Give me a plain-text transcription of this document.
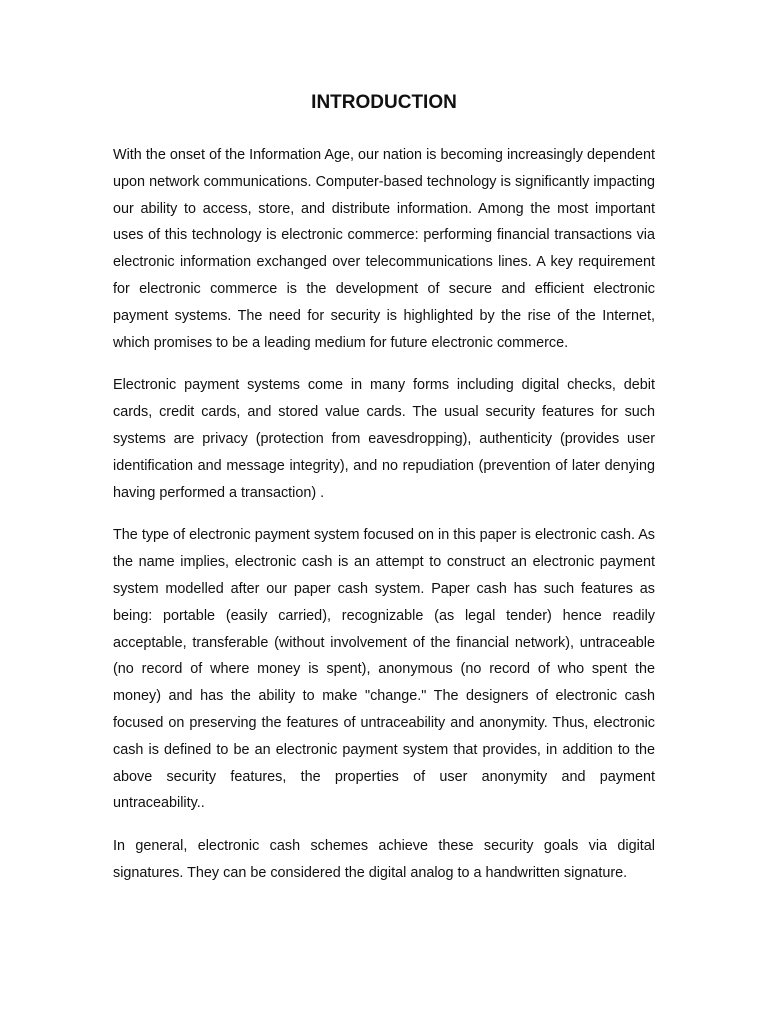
INTRODUCTION

With the onset of the Information Age, our nation is becoming increasingly dependent upon network communications. Computer-based technology is significantly impacting our ability to access, store, and distribute information. Among the most important uses of this technology is electronic commerce: performing financial transactions via electronic information exchanged over telecommunications lines. A key requirement for electronic commerce is the development of secure and efficient electronic payment systems. The need for security is highlighted by the rise of the Internet, which promises to be a leading medium for future electronic commerce.

Electronic payment systems come in many forms including digital checks, debit cards, credit cards, and stored value cards. The usual security features for such systems are privacy (protection from eavesdropping), authenticity (provides user identification and message integrity), and no repudiation (prevention of later denying having performed a transaction) .

The type of electronic payment system focused on in this paper is electronic cash. As the name implies, electronic cash is an attempt to construct an electronic payment system modelled after our paper cash system. Paper cash has such features as being: portable (easily carried), recognizable (as legal tender) hence readily acceptable, transferable (without involvement of the financial network), untraceable (no record of where money is spent), anonymous (no record of who spent the money) and has the ability to make "change." The designers of electronic cash focused on preserving the features of untraceability and anonymity. Thus, electronic cash is defined to be an electronic payment system that provides, in addition to the above security features, the properties of user anonymity and payment untraceability..

In general, electronic cash schemes achieve these security goals via digital signatures. They can be considered the digital analog to a handwritten signature.
